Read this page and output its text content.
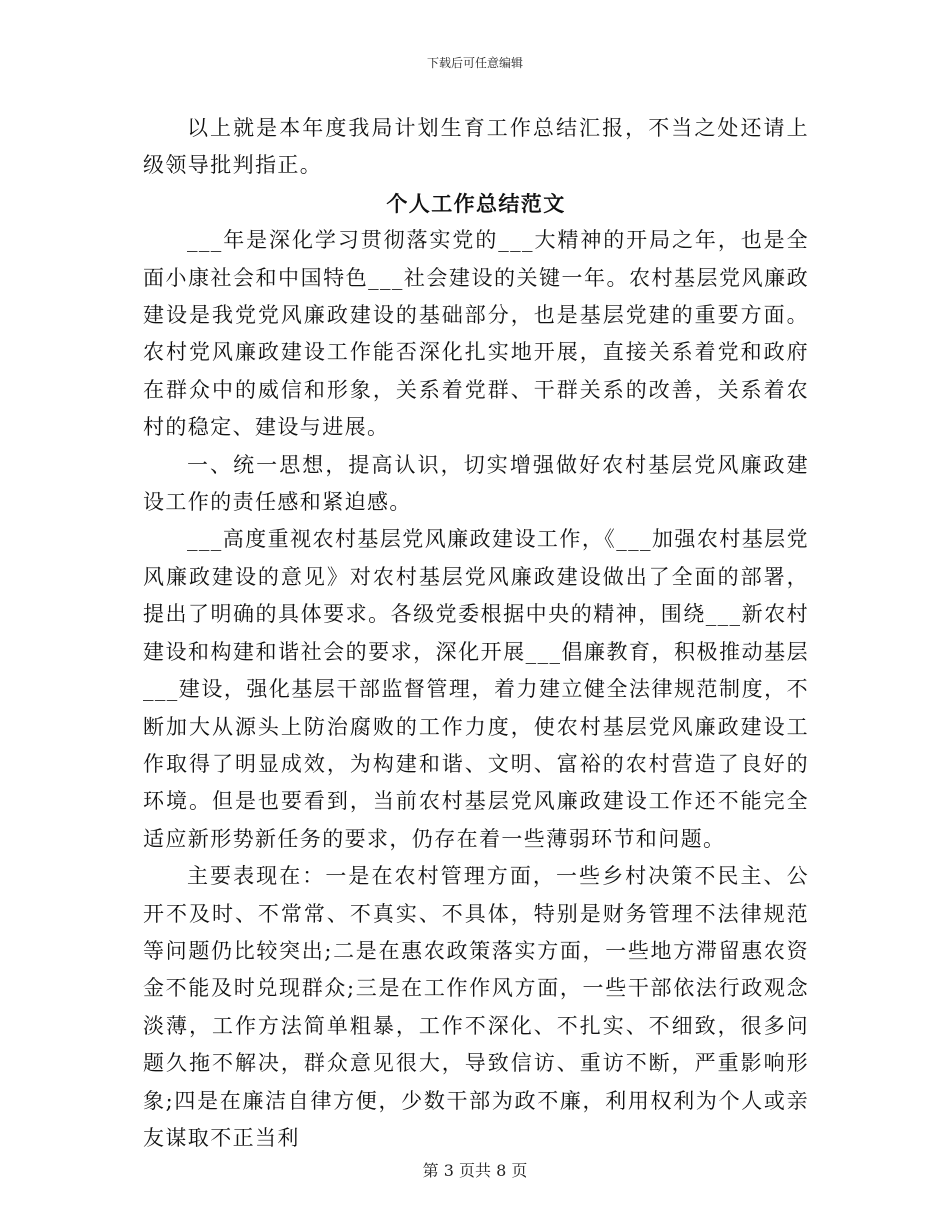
下载后可任意编辑

以上就是本年度我局计划生育工作总结汇报，不当之处还请上级领导批判指正。

个人工作总结范文

___年是深化学习贯彻落实党的___大精神的开局之年，也是全面小康社会和中国特色___社会建设的关键一年。农村基层党风廉政建设是我党党风廉政建设的基础部分，也是基层党建的重要方面。农村党风廉政建设工作能否深化扎实地开展，直接关系着党和政府在群众中的威信和形象，关系着党群、干群关系的改善，关系着农村的稳定、建设与进展。

一、统一思想，提高认识，切实增强做好农村基层党风廉政建设工作的责任感和紧迫感。

___高度重视农村基层党风廉政建设工作，《___加强农村基层党风廉政建设的意见》对农村基层党风廉政建设做出了全面的部署，提出了明确的具体要求。各级党委根据中央的精神，围绕___新农村建设和构建和谐社会的要求，深化开展___倡廉教育，积极推动基层___建设，强化基层干部监督管理，着力建立健全法律规范制度，不断加大从源头上防治腐败的工作力度，使农村基层党风廉政建设工作取得了明显成效，为构建和谐、文明、富裕的农村营造了良好的环境。但是也要看到，当前农村基层党风廉政建设工作还不能完全适应新形势新任务的要求，仍存在着一些薄弱环节和问题。

主要表现在：一是在农村管理方面，一些乡村决策不民主、公开不及时、不常常、不真实、不具体，特别是财务管理不法律规范等问题仍比较突出;二是在惠农政策落实方面，一些地方滞留惠农资金不能及时兑现群众;三是在工作作风方面，一些干部依法行政观念淡薄，工作方法简单粗暴，工作不深化、不扎实、不细致，很多问题久拖不解决，群众意见很大，导致信访、重访不断，严重影响形象;四是在廉洁自律方便，少数干部为政不廉，利用权利为个人或亲友谋取不正当利

第 3 页共 8 页
